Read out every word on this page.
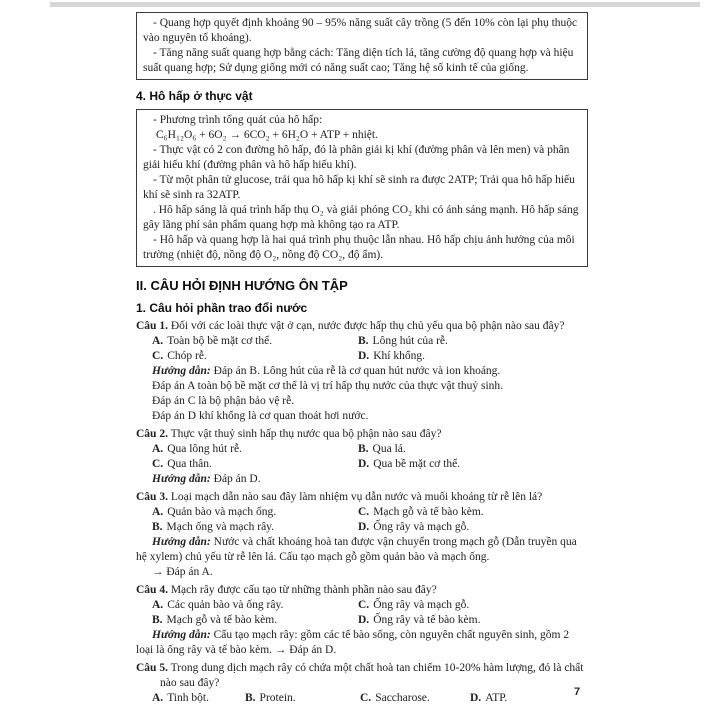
- Quang hợp quyết định khoảng 90 – 95% năng suất cây trồng (5 đến 10% còn lại phụ thuộc vào nguyên tố khoáng).

- Tăng năng suất quang hợp bằng cách: Tăng diện tích lá, tăng cường độ quang hợp và hiệu suất quang hợp; Sử dụng giống mới có năng suất cao; Tăng hệ số kinh tế của giống.

4. Hô hấp ở thực vật

- Phương trình tổng quát của hô hấp:

C₆H₁₂O₆ + 6O₂ → 6CO₂ + 6H₂O + ATP + nhiệt.

- Thực vật có 2 con đường hô hấp, đó là phân giải kị khí (đường phân và lên men) và phân giải hiếu khí (đường phân và hô hấp hiếu khí).

- Từ một phân tử glucose, trải qua hô hấp kị khí sẽ sinh ra được 2ATP; Trải qua hô hấp hiếu khí sẽ sinh ra 32ATP.

. Hô hấp sáng là quá trình hấp thụ O₂ và giải phóng CO₂ khi có ánh sáng mạnh. Hô hấp sáng gây lãng phí sản phẩm quang hợp mà không tạo ra ATP.

- Hô hấp và quang hợp là hai quá trình phụ thuộc lẫn nhau. Hô hấp chịu ảnh hưởng của môi trường (nhiệt độ, nồng độ O₂, nồng độ CO₂, độ ẩm).

II. CÂU HỎI ĐỊNH HƯỚNG ÔN TẬP
1. Câu hỏi phần trao đổi nước

Câu 1. Đối với các loài thực vật ở cạn, nước được hấp thụ chủ yếu qua bộ phận nào sau đây?

A. Toàn bộ bề mặt cơ thể.	B. Lông hút của rễ.
C. Chóp rễ.	D. Khí khổng.

Hướng dẫn: Đáp án B. Lông hút của rễ là cơ quan hút nước và ion khoáng.

Đáp án A toàn bộ bề mặt cơ thể là vị trí hấp thụ nước của thực vật thuỷ sinh.

Đáp án C là bộ phận bảo vệ rễ.

Đáp án D khí khổng là cơ quan thoát hơi nước.

Câu 2. Thực vật thuỷ sinh hấp thụ nước qua bộ phận nào sau đây?

A. Qua lông hút rễ.	B. Qua lá.
C. Qua thân.	D. Qua bề mặt cơ thể.

Hướng dẫn: Đáp án D.

Câu 3. Loại mạch dẫn nào sau đây làm nhiệm vụ dẫn nước và muối khoáng từ rễ lên lá?

A. Quản bào và mạch ống.	C. Mạch gỗ và tế bào kèm.
B. Mạch ống và mạch rây.	D. Ống rây và mạch gỗ.

Hướng dẫn: Nước và chất khoáng hoà tan được vận chuyển trong mạch gỗ (Dẫn truyền qua hệ xylem) chủ yếu từ rễ lên lá. Cấu tạo mạch gỗ gồm quản bào và mạch ống.

→ Đáp án A.

Câu 4. Mạch rây được cấu tạo từ những thành phần nào sau đây?

A. Các quản bào và ống rây.	C. Ống rây và mạch gỗ.
B. Mạch gỗ và tế bào kèm.	D. Ống rây và tế bào kèm.

Hướng dẫn: Cấu tạo mạch rây: gồm các tế bào sống, còn nguyên chất nguyên sinh, gồm 2 loại là ống rây và tế bào kèm. → Đáp án D.

Câu 5. Trong dung dịch mạch rây có chứa một chất hoà tan chiếm 10-20% hàm lượng, đó là chất nào sau đây?

A. Tinh bột.	B. Protein.	C. Saccharose.	D. ATP.	7
